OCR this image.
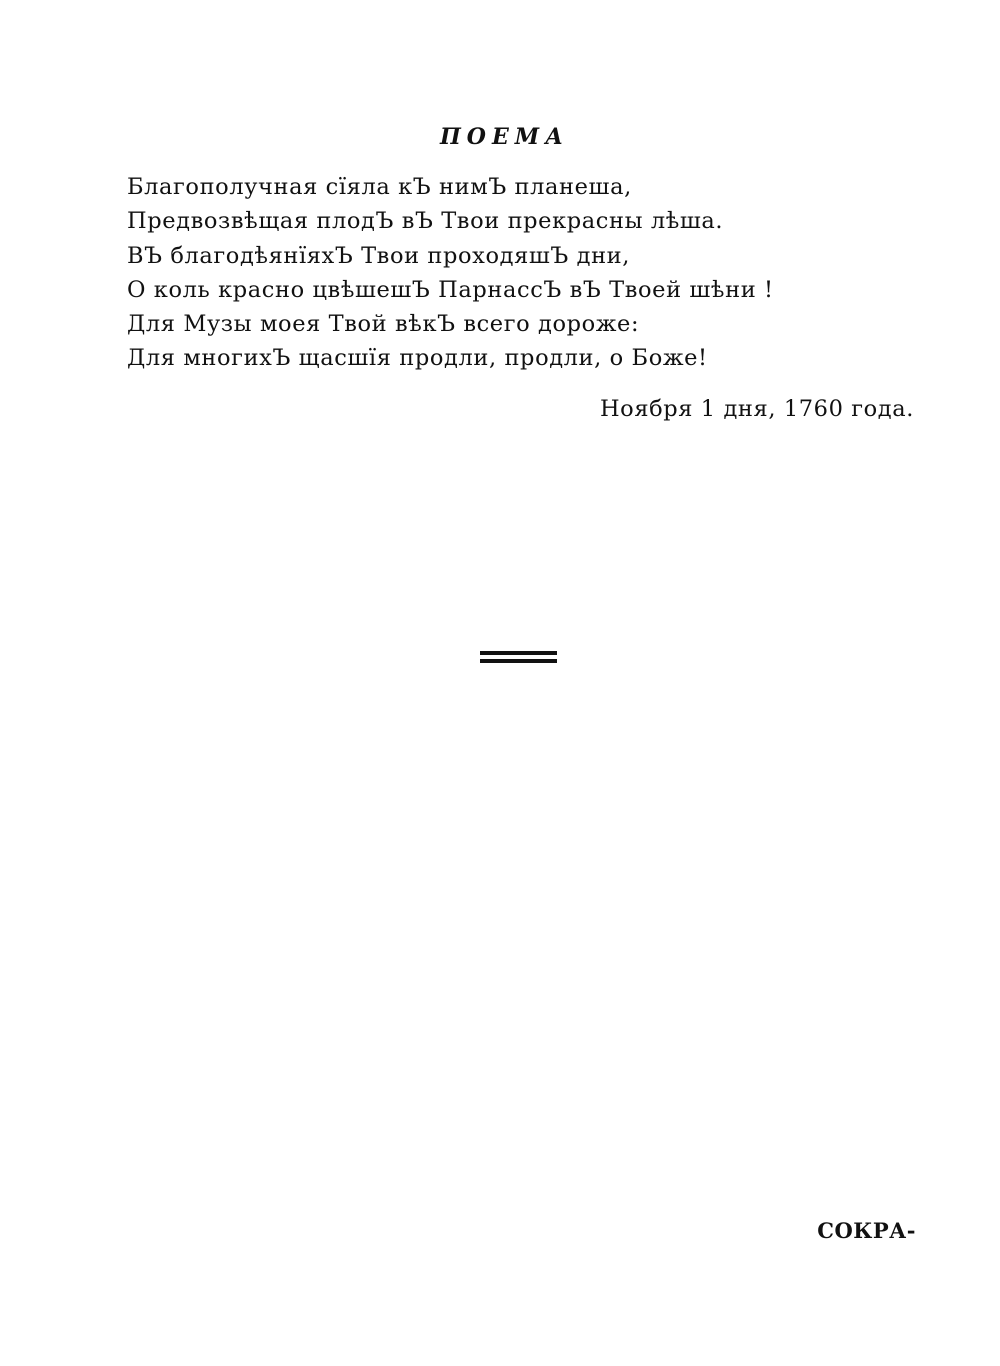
ПОЕМА
Благополучная сїяла кЪ нимЪ планеша,
Предвозвѣщая плодЪ вЪ Твои прекрасны лѣша.
ВЪ благодѣянїяхЪ Твои проходяшЪ дни,
О коль красно цвѣшешЪ ПарнассЪ вЪ Твоей шѣни !
Для Музы моея Твой вѣкЪ всего дороже:
Для многихЪ щасшїя продли, продли, о Боже!
Ноября 1 дня, 1760 года.
СОКРА-
